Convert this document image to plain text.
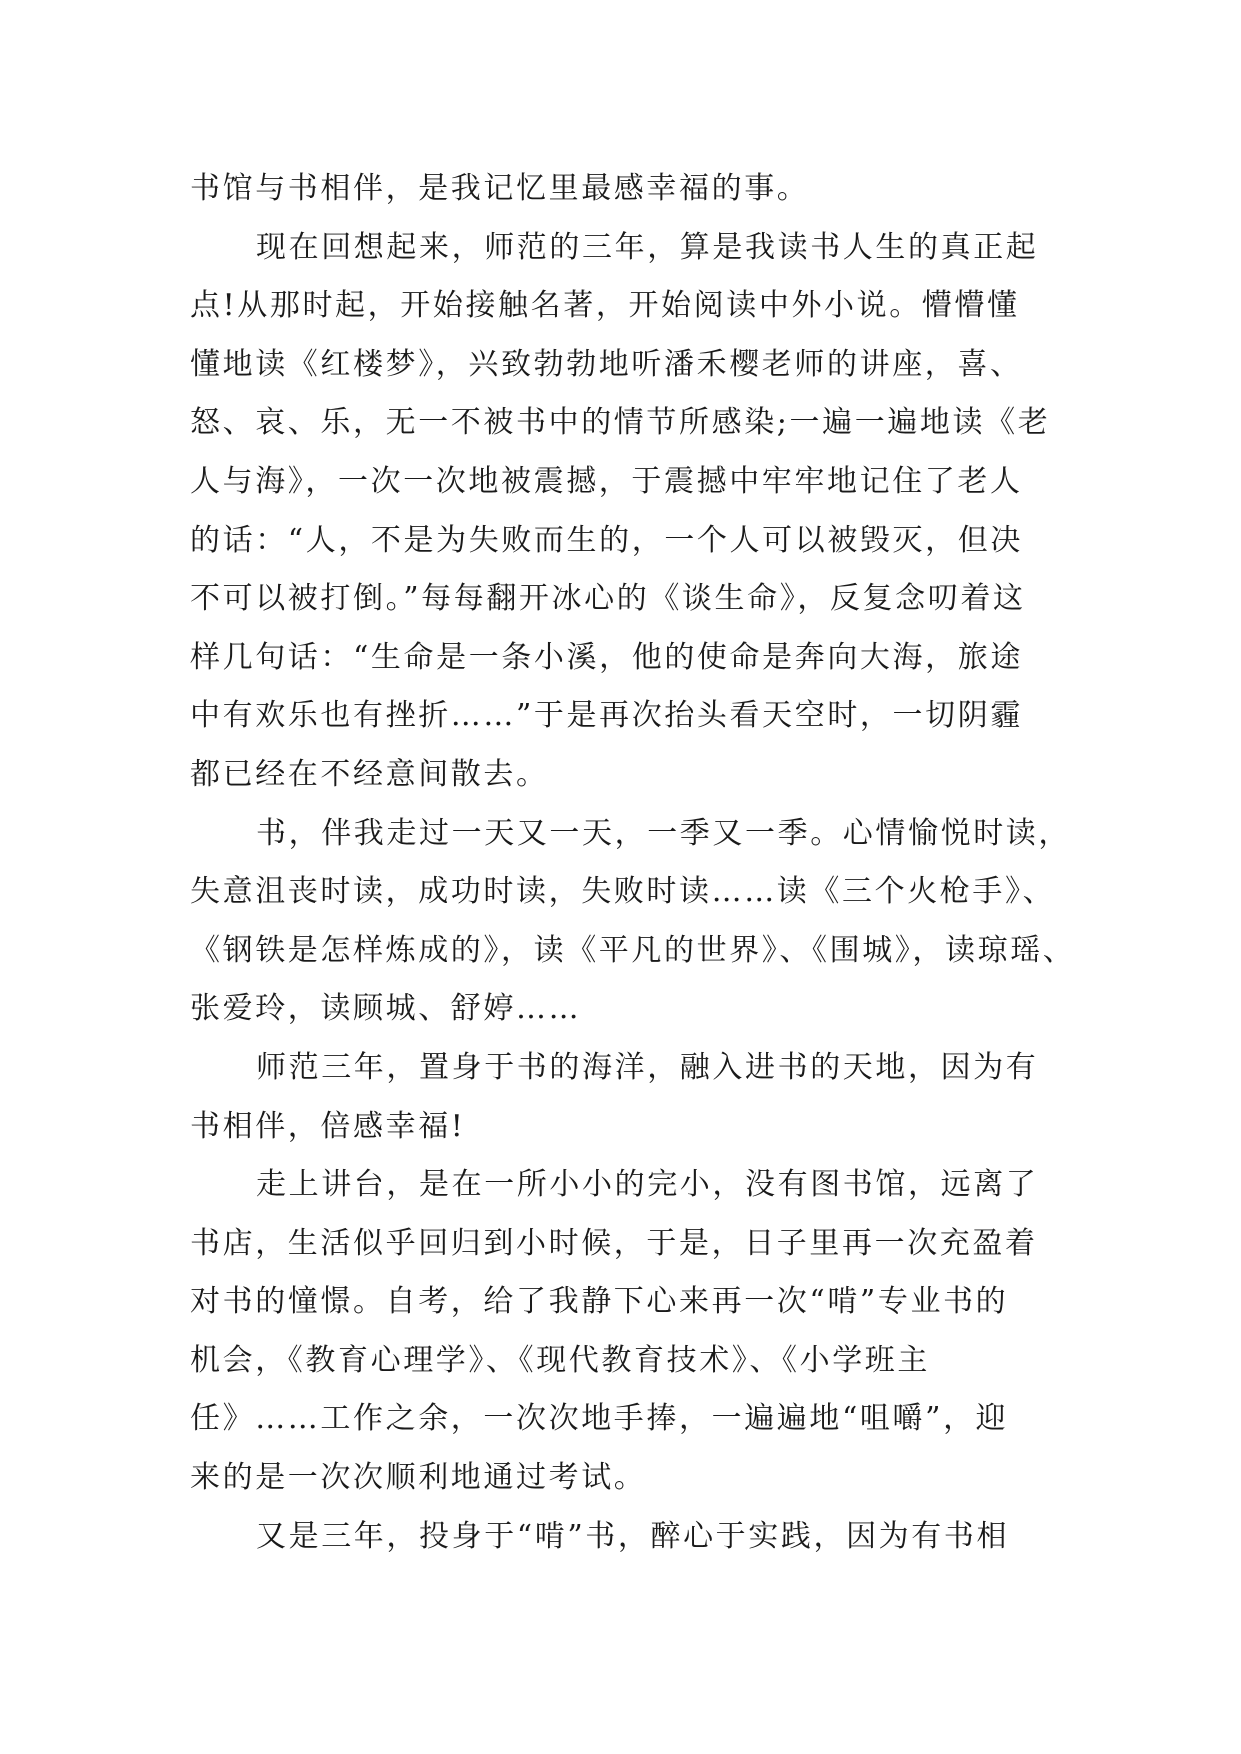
书馆与书相伴，是我记忆里最感幸福的事。
现在回想起来，师范的三年，算是我读书人生的真正起
点!从那时起，开始接触名著，开始阅读中外小说。懵懵懂
懂地读《红楼梦》，兴致勃勃地听潘禾樱老师的讲座，喜、
怒、哀、乐，无一不被书中的情节所感染;一遍一遍地读《老
人与海》，一次一次地被震撼，于震撼中牢牢地记住了老人
的话：“人，不是为失败而生的，一个人可以被毁灭，但决
不可以被打倒。”每每翻开冰心的《谈生命》，反复念叨着这
样几句话：“生命是一条小溪，他的使命是奔向大海，旅途
中有欢乐也有挫折……”于是再次抬头看天空时，一切阴霾
都已经在不经意间散去。
书，伴我走过一天又一天，一季又一季。心情愉悦时读，
失意沮丧时读，成功时读，失败时读……读《三个火枪手》、
《钢铁是怎样炼成的》，读《平凡的世界》、《围城》，读琼瑶、
张爱玲，读顾城、舒婷……
师范三年，置身于书的海洋，融入进书的天地，因为有
书相伴，倍感幸福!
走上讲台，是在一所小小的完小，没有图书馆，远离了
书店，生活似乎回归到小时候，于是，日子里再一次充盈着
对书的憧憬。自考，给了我静下心来再一次“啃”专业书的
机会，《教育心理学》、《现代教育技术》、《小学班主
任》……工作之余，一次次地手捧，一遍遍地“咀嚼”，迎
来的是一次次顺利地通过考试。
又是三年，投身于“啃”书，醉心于实践，因为有书相
